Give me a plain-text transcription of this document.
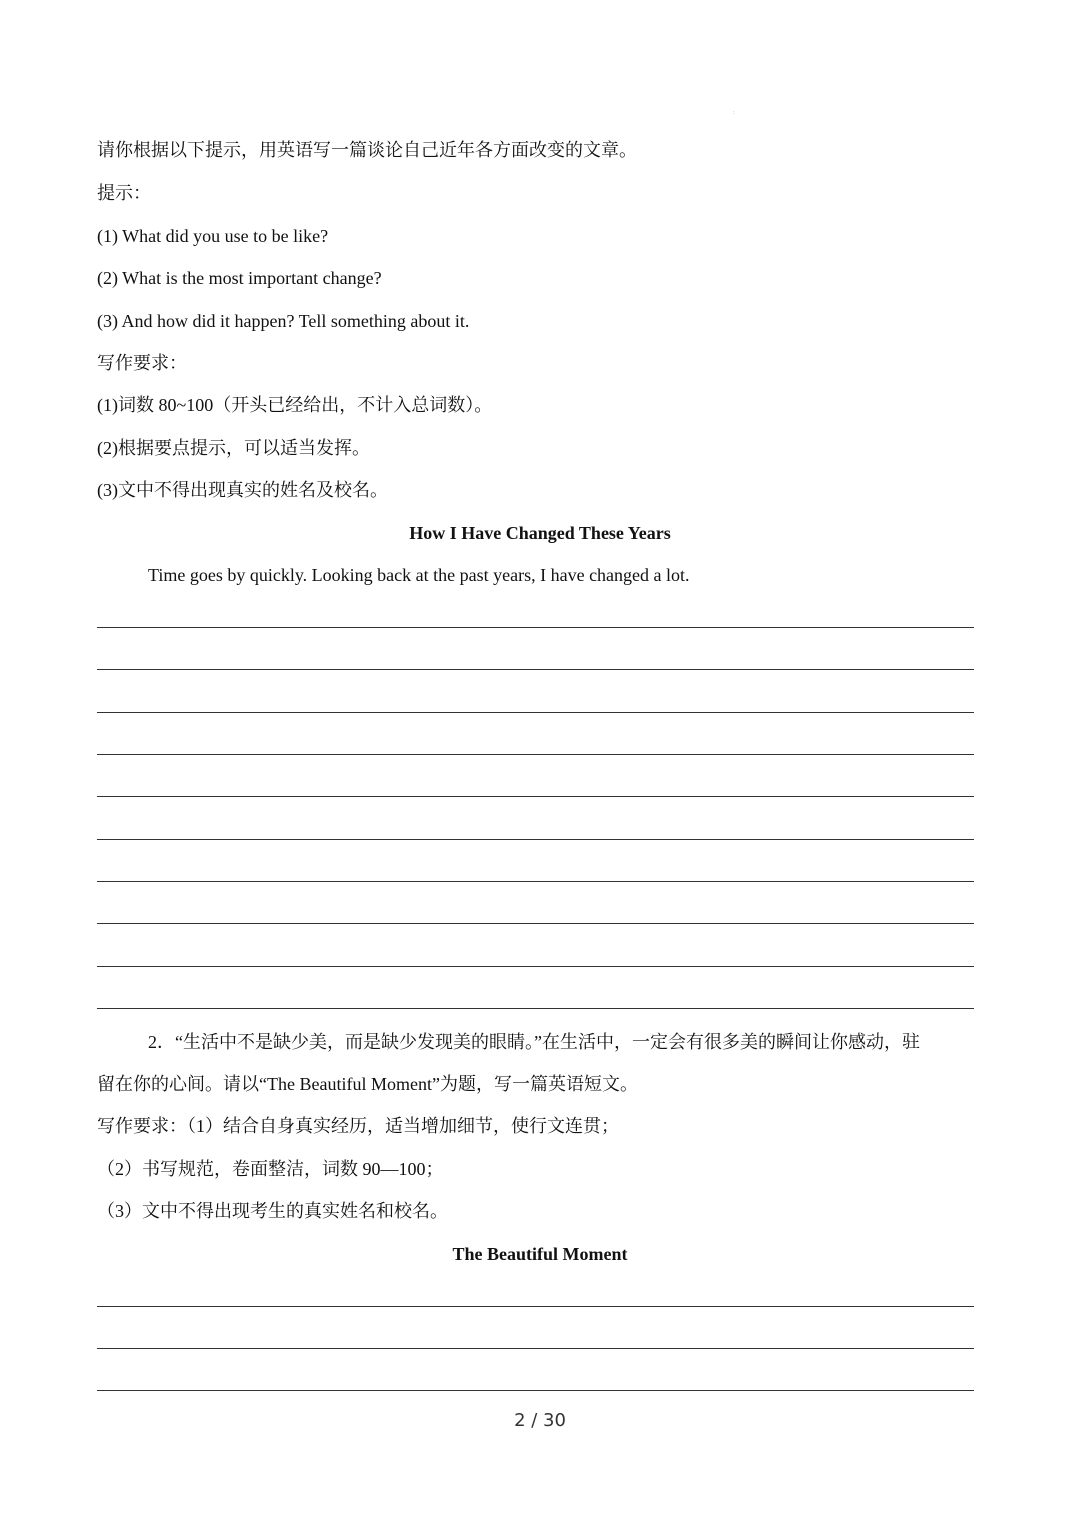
:
请你根据以下提示，用英语写一篇谈论自己近年各方面改变的文章。
提示：
(1) What did you use to be like?
(2) What is the most important change?
(3) And how did it happen? Tell something about it.
写作要求：
(1)词数 80~100（开头已经给出，不计入总词数）。
(2)根据要点提示，可以适当发挥。
(3)文中不得出现真实的姓名及校名。
How I Have Changed These Years
Time goes by quickly. Looking back at the past years, I have changed a lot.
2．“生活中不是缺少美，而是缺少发现美的眼睛。”在生活中，一定会有很多美的瞬间让你感动，驻
留在你的心间。请以“The Beautiful Moment”为题，写一篇英语短文。
写作要求：（1）结合自身真实经历，适当增加细节，使行文连贯；
（2）书写规范，卷面整洁，词数 90—100；
（3）文中不得出现考生的真实姓名和校名。
The Beautiful Moment
2 / 30
